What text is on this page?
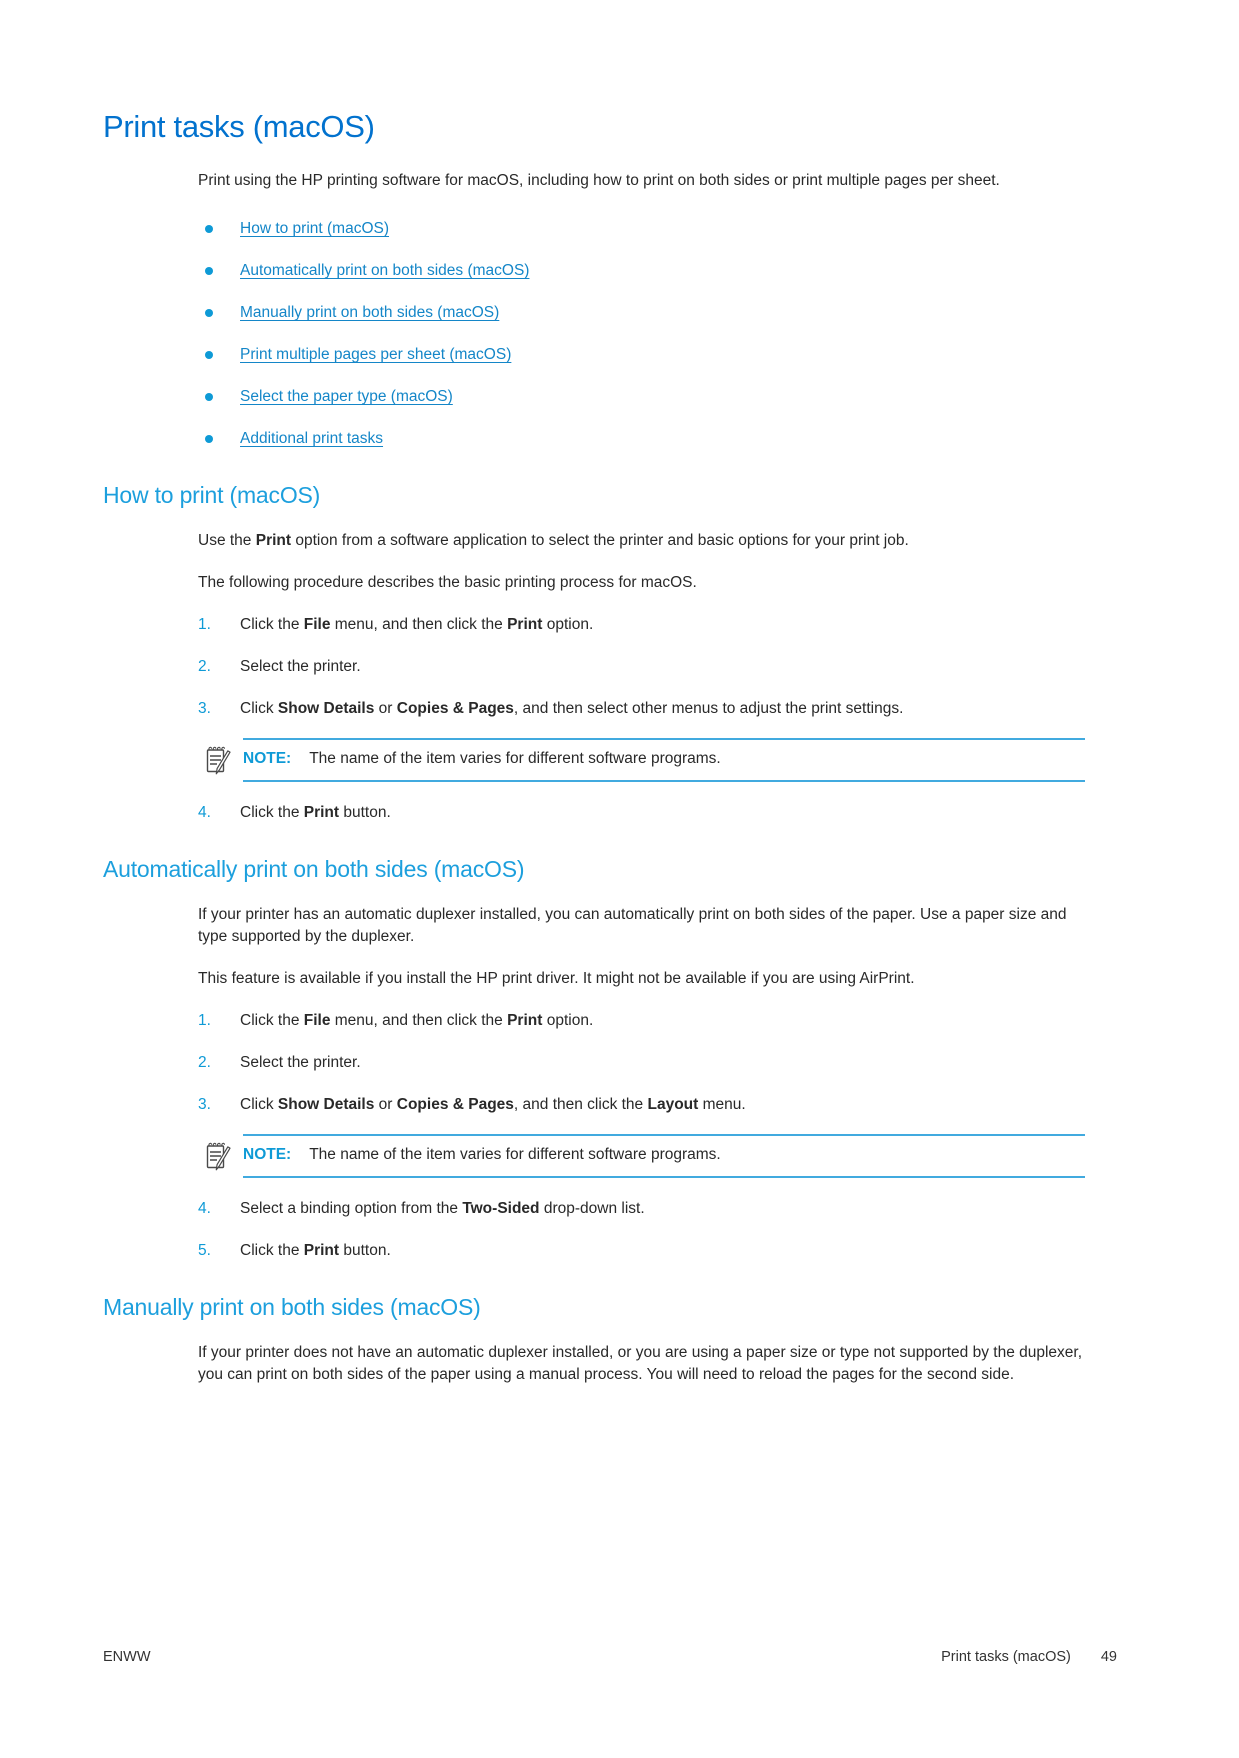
Print tasks (macOS)

Print using the HP printing software for macOS, including how to print on both sides or print multiple pages per sheet.

How to print (macOS)
Automatically print on both sides (macOS)
Manually print on both sides (macOS)
Print multiple pages per sheet (macOS)
Select the paper type (macOS)
Additional print tasks
How to print (macOS)

Use the Print option from a software application to select the printer and basic options for your print job.

The following procedure describes the basic printing process for macOS.

1.	Click the File menu, and then click the Print option.
2.	Select the printer.
3.	Click Show Details or Copies & Pages, and then select other menus to adjust the print settings.
NOTE: The name of the item varies for different software programs.
4.	Click the Print button.
Automatically print on both sides (macOS)

If your printer has an automatic duplexer installed, you can automatically print on both sides of the paper. Use a paper size and type supported by the duplexer.

This feature is available if you install the HP print driver. It might not be available if you are using AirPrint.

1.	Click the File menu, and then click the Print option.
2.	Select the printer.
3.	Click Show Details or Copies & Pages, and then click the Layout menu.
NOTE: The name of the item varies for different software programs.
4.	Select a binding option from the Two-Sided drop-down list.
5.	Click the Print button.
Manually print on both sides (macOS)

If your printer does not have an automatic duplexer installed, or you are using a paper size or type not supported by the duplexer, you can print on both sides of the paper using a manual process. You will need to reload the pages for the second side.

ENWW	Print tasks (macOS) 49
